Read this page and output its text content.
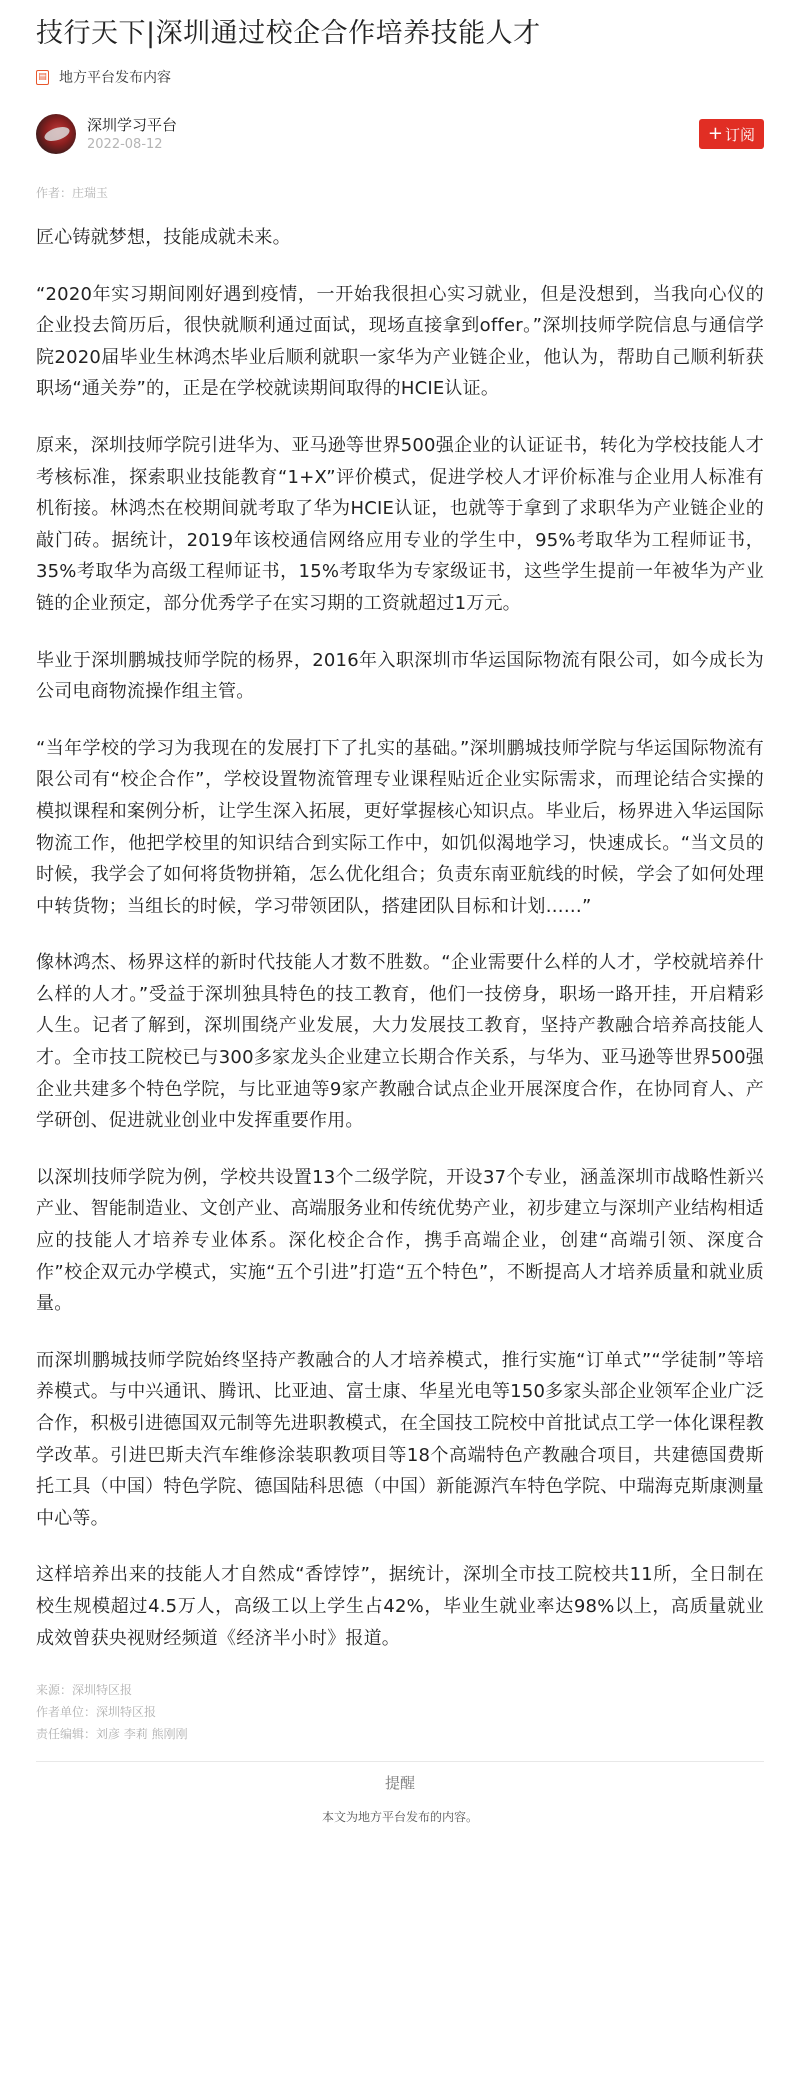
技行天下|深圳通过校企合作培养技能人才
▤ 地方平台发布内容
深圳学习平台
2022-08-12	+ 订阅
作者：庄瑞玉

匠心铸就梦想，技能成就未来。

“2020年实习期间刚好遇到疫情，一开始我很担心实习就业，但是没想到，当我向心仪的企业投去简历后，很快就顺利通过面试，现场直接拿到offer。”深圳技师学院信息与通信学院2020届毕业生林鸿杰毕业后顺利就职一家华为产业链企业，他认为，帮助自己顺利斩获职场“通关券”的，正是在学校就读期间取得的HCIE认证。

原来，深圳技师学院引进华为、亚马逊等世界500强企业的认证证书，转化为学校技能人才考核标准，探索职业技能教育“1+X”评价模式，促进学校人才评价标准与企业用人标准有机衔接。林鸿杰在校期间就考取了华为HCIE认证，也就等于拿到了求职华为产业链企业的敲门砖。据统计，2019年该校通信网络应用专业的学生中，95%考取华为工程师证书，35%考取华为高级工程师证书，15%考取华为专家级证书，这些学生提前一年被华为产业链的企业预定，部分优秀学子在实习期的工资就超过1万元。

毕业于深圳鹏城技师学院的杨界，2016年入职深圳市华运国际物流有限公司，如今成长为公司电商物流操作组主管。

“当年学校的学习为我现在的发展打下了扎实的基础。”深圳鹏城技师学院与华运国际物流有限公司有“校企合作”，学校设置物流管理专业课程贴近企业实际需求，而理论结合实操的模拟课程和案例分析，让学生深入拓展，更好掌握核心知识点。毕业后，杨界进入华运国际物流工作，他把学校里的知识结合到实际工作中，如饥似渴地学习，快速成长。“当文员的时候，我学会了如何将货物拼箱，怎么优化组合；负责东南亚航线的时候，学会了如何处理中转货物；当组长的时候，学习带领团队，搭建团队目标和计划……”

像林鸿杰、杨界这样的新时代技能人才数不胜数。“企业需要什么样的人才，学校就培养什么样的人才。”受益于深圳独具特色的技工教育，他们一技傍身，职场一路开挂，开启精彩人生。记者了解到，深圳围绕产业发展，大力发展技工教育，坚持产教融合培养高技能人才。全市技工院校已与300多家龙头企业建立长期合作关系，与华为、亚马逊等世界500强企业共建多个特色学院，与比亚迪等9家产教融合试点企业开展深度合作，在协同育人、产学研创、促进就业创业中发挥重要作用。

以深圳技师学院为例，学校共设置13个二级学院，开设37个专业，涵盖深圳市战略性新兴产业、智能制造业、文创产业、高端服务业和传统优势产业，初步建立与深圳产业结构相适应的技能人才培养专业体系。深化校企合作，携手高端企业，创建“高端引领、深度合作”校企双元办学模式，实施“五个引进”打造“五个特色”，不断提高人才培养质量和就业质量。

而深圳鹏城技师学院始终坚持产教融合的人才培养模式，推行实施“订单式”“学徒制”等培养模式。与中兴通讯、腾讯、比亚迪、富士康、华星光电等150多家头部企业领军企业广泛合作，积极引进德国双元制等先进职教模式，在全国技工院校中首批试点工学一体化课程教学改革。引进巴斯夫汽车维修涂装职教项目等18个高端特色产教融合项目，共建德国费斯托工具（中国）特色学院、德国陆科思德（中国）新能源汽车特色学院、中瑞海克斯康测量中心等。

这样培养出来的技能人才自然成“香饽饽”，据统计，深圳全市技工院校共11所，全日制在校生规模超过4.5万人，高级工以上学生占42%，毕业生就业率达98%以上，高质量就业成效曾获央视财经频道《经济半小时》报道。

来源：深圳特区报
作者单位：深圳特区报
责任编辑：刘彦 李莉 熊刚刚
提醒
本文为地方平台发布的内容。
